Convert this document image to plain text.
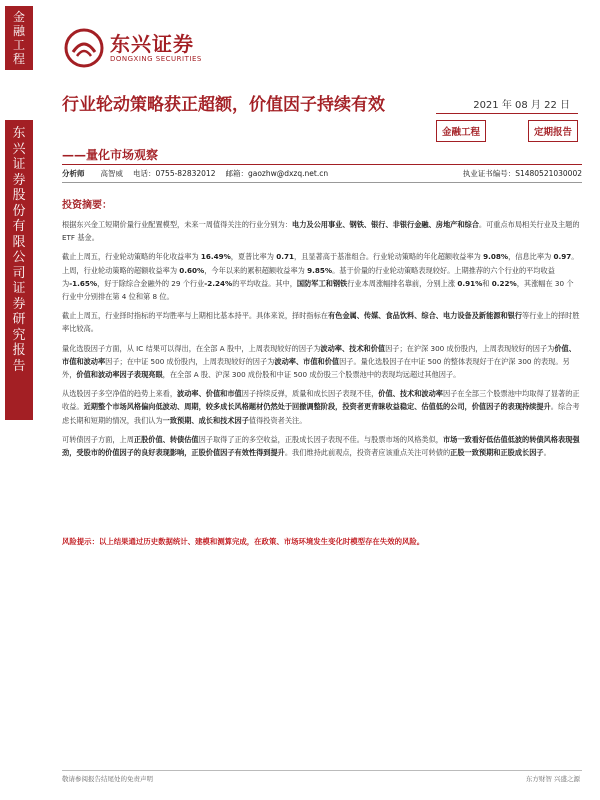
金
融
工
程
东
兴
证
券
股
份
有
限
公
司
证
券
研
究
报
告
东兴证券
DONGXING SECURITIES
行业轮动策略获正超额，价值因子持续有效
——量化市场观察
2021 年 08 月 22 日
金融工程	定期报告
分析师 高智威 电话：0755-82832012 邮箱：gaozhw@dxzq.net.cn	执业证书编号：S1480521030002
投资摘要：

根据东兴金工短期价量行业配置模型，未来一周值得关注的行业分别为：电力及公用事业、钢铁、银行、非银行金融、房地产和综合。可重点布局相关行业及主题的 ETF 基金。

截止上周五，行业轮动策略的年化收益率为 16.49%，夏普比率为 0.71，且显著高于基准组合。行业轮动策略的年化超额收益率为 9.08%，信息比率为 0.97。上周，行业轮动策略的超额收益率为 0.60%，今年以来的累积超额收益率为 9.85%。基于价量的行业轮动策略表现较好。上期推荐的六个行业的平均收益为-1.65%，好于除综合金融外的 29 个行业-2.24%的平均收益。其中，国防军工和钢铁行业本周涨幅排名靠前，分别上涨 0.91%和 0.22%，其涨幅在 30 个行业中分别排在第 4 位和第 8 位。

截止上周五，行业择时指标的平均胜率与上期相比基本持平。具体来说，择时指标在有色金属、传媒、食品饮料、综合、电力设备及新能源和银行等行业上的择时胜率比较高。

量化选股因子方面，从 IC 结果可以得出，在全部 A 股中，上周表现较好的因子为波动率、技术和价值因子；在沪深 300 成份股内，上周表现较好的因子为价值、市值和波动率因子；在中证 500 成份股内，上周表现较好的因子为波动率、市值和价值因子。量化选股因子在中证 500 的整体表现好于在沪深 300 的表现。另外，价值和波动率因子表现亮眼，在全部 A 股、沪深 300 成份股和中证 500 成份股三个股票池中的表现均远超过其他因子。

从选股因子多空净值的趋势上来看，波动率、价值和市值因子持续反弹，质量和成长因子表现不佳，价值、技术和波动率因子在全部三个股票池中均取得了显著的正收益。近期整个市场风格偏向低波动、周期，较多成长风格题材仍然处于回撤调整阶段，投资者更青睐收益稳定、估值低的公司，价值因子的表现持续提升。综合考虑长期和短期的情况，我们认为一致预期、成长和技术因子值得投资者关注。

可转债因子方面，上周正股价值、转债估值因子取得了正的多空收益，正股成长因子表现不佳。与股票市场的风格类似，市场一致看好低估值低波的转债风格表现强劲，受股市的价值因子的良好表现影响，正股价值因子有效性得到提升。我们维持此前观点，投资者应该重点关注可转债的正股一致预期和正股成长因子。

风险提示：以上结果通过历史数据统计、建模和测算完成，在政策、市场环境发生变化时模型存在失效的风险。
敬请参阅报告结尾处的免责声明	东方财智 兴盛之源
